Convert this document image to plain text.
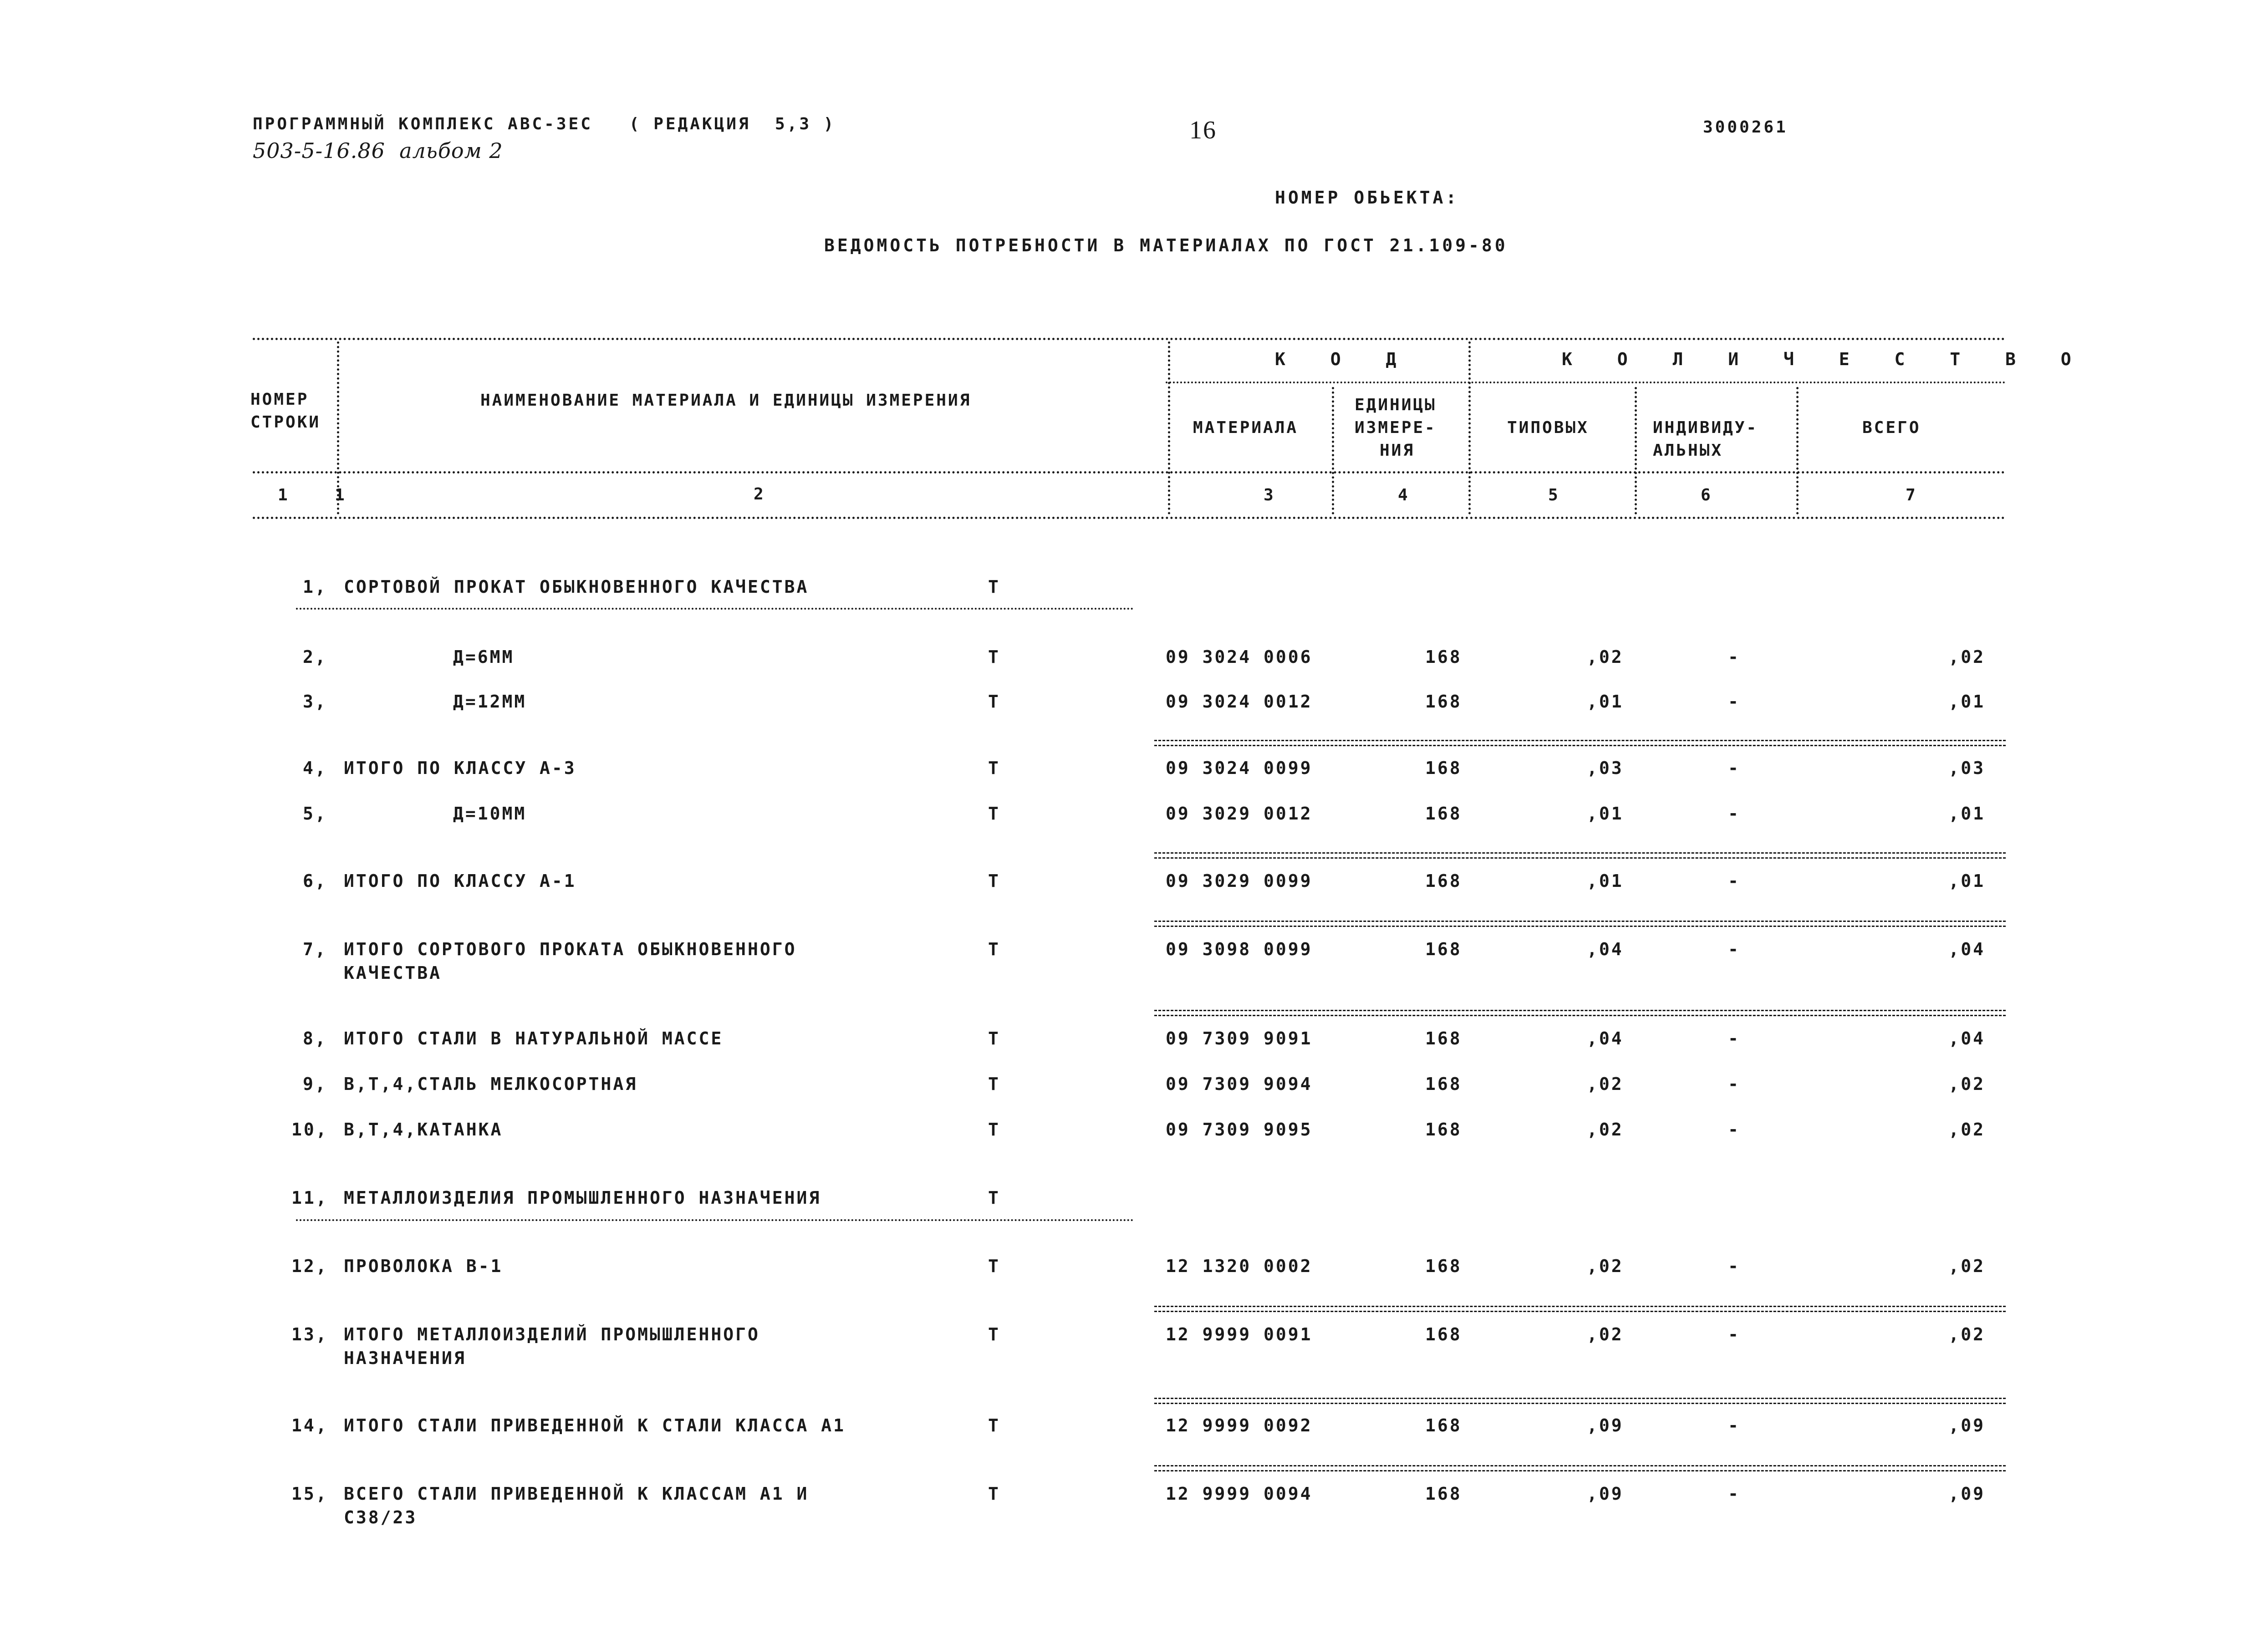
ПРОГРАММНЫЙ КОМПЛЕКС АВС-3ЕС   ( РЕДАКЦИЯ  5,3 )
503-5-16.86  альбом 2
16	3000261
НОМЕР ОБЬЕКТА:
ВЕДОМОСТЬ ПОТРЕБНОСТИ В МАТЕРИАЛАХ ПО ГОСТ 21.109-80
НОМЕР
СТРОКИ
НАИМЕНОВАНИЕ МАТЕРИАЛА И ЕДИНИЦЫ ИЗМЕРЕНИЯ
К О Д	К О Л И Ч Е С Т В О
МАТЕРИАЛА
ЕДИНИЦЫ
ИЗМЕРЕ-
НИЯ
ТИПОВЫХ	ИНДИВИДУ-
АЛЬНЫХ
ВСЕГО
1	1	2	3	4	5	6	7
1, СОРТОВОЙ ПРОКАТ ОБЫКНОВЕННОГО КАЧЕСТВА	Т
2,	Д=6ММ	Т	09 3024 0006	168	,02	-	,02
3,	Д=12ММ	Т	09 3024 0012	168	,01	-	,01
4, ИТОГО ПО КЛАССУ А-3	Т	09 3024 0099	168	,03	-	,03
5,	Д=10ММ	Т	09 3029 0012	168	,01	-	,01
6, ИТОГО ПО КЛАССУ А-1	Т	09 3029 0099	168	,01	-	,01
7, ИТОГО СОРТОВОГО ПРОКАТА ОБЫКНОВЕННОГО
КАЧЕСТВА
Т	09 3098 0099	168	,04	-	,04
8, ИТОГО СТАЛИ В НАТУРАЛЬНОЙ МАССЕ	Т	09 7309 9091	168	,04	-	,04
9, В,Т,4,СТАЛЬ МЕЛКОСОРТНАЯ	Т	09 7309 9094	168	,02	-	,02
10, В,Т,4,КАТАНКА	Т	09 7309 9095	168	,02	-	,02
11, МЕТАЛЛОИЗДЕЛИЯ ПРОМЫШЛЕННОГО НАЗНАЧЕНИЯ	Т
12, ПРОВОЛОКА В-1	Т	12 1320 0002	168	,02	-	,02
13, ИТОГО МЕТАЛЛОИЗДЕЛИЙ ПРОМЫШЛЕННОГО
НАЗНАЧЕНИЯ
Т	12 9999 0091	168	,02	-	,02
14, ИТОГО СТАЛИ ПРИВЕДЕННОЙ К СТАЛИ КЛАССА А1	Т	12 9999 0092	168	,09	-	,09
15, ВСЕГО СТАЛИ ПРИВЕДЕННОЙ К КЛАССАМ А1 И
С38/23
Т	12 9999 0094	168	,09	-	,09
